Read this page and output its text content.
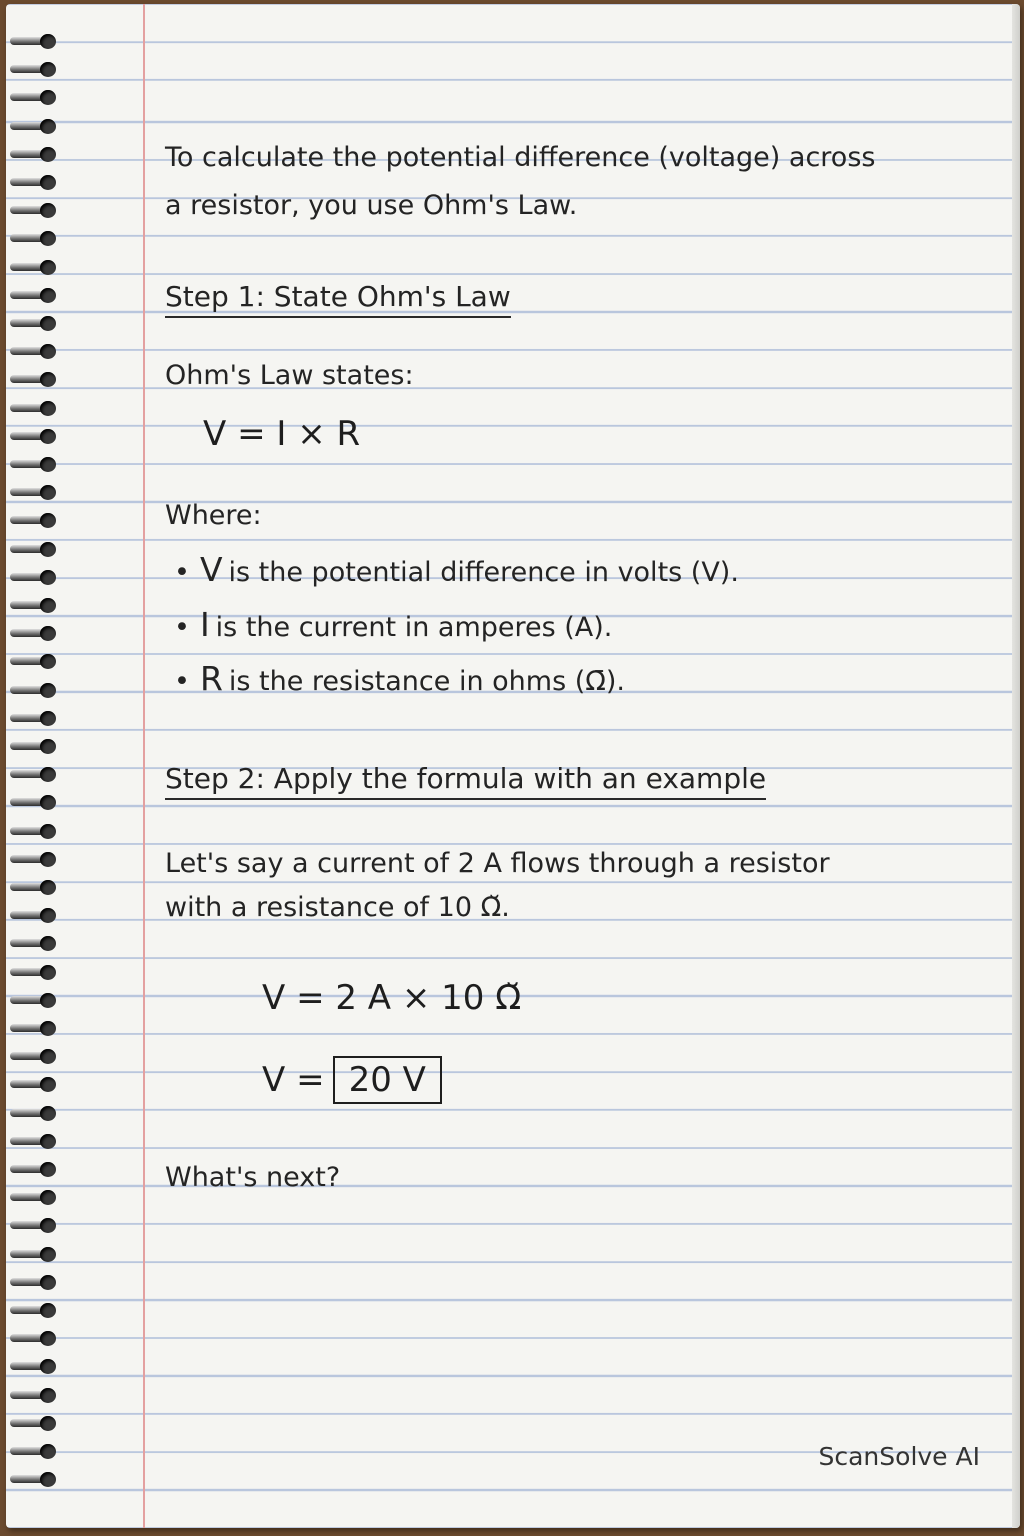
To calculate the potential difference (voltage) across

a resistor, you use Ohm's Law.

Step 1: State Ohm's Law

Ohm's Law states:

V = I × R

Where:

• V is the potential difference in volts (V).
• I is the current in amperes (A).
• R is the resistance in ohms (Ω̄).

Step 2: Apply the formula with an example

Let's say a current of 2 A flows through a resistor

with a resistance of 10 Ω̆.

V = 2 A × 10 Ω̆

V = 20 V

What's next?

ScanSolve AI
